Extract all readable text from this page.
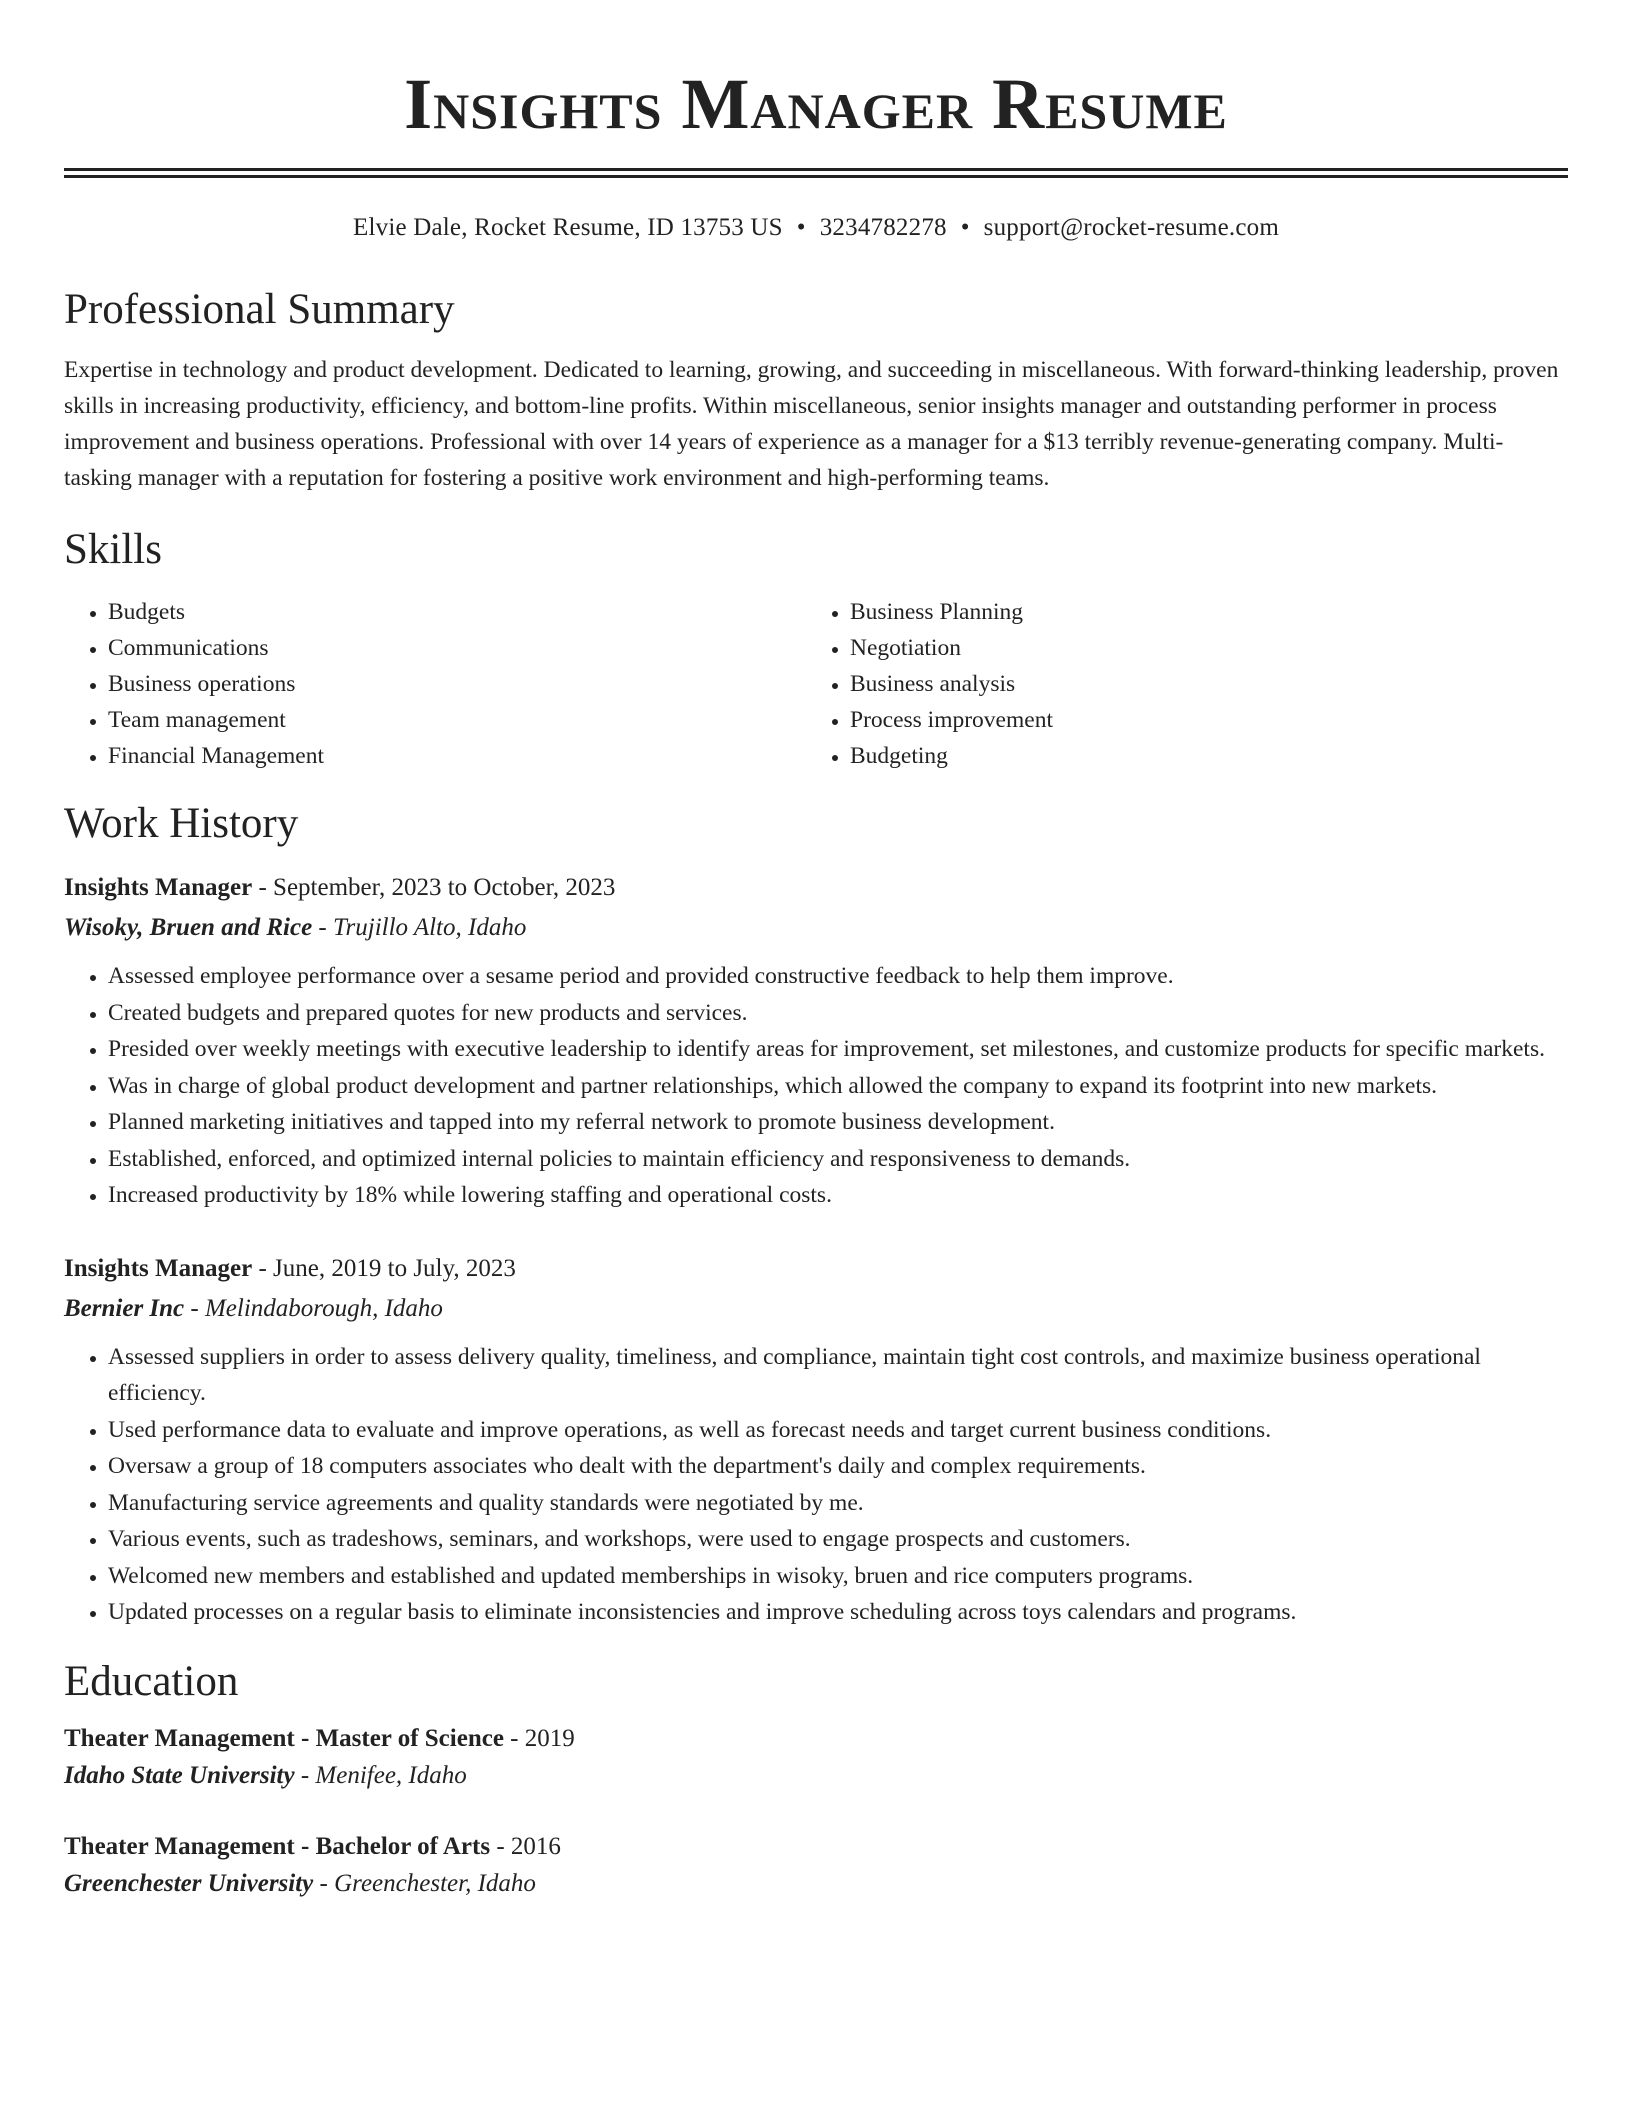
Insights Manager Resume
Elvie Dale, Rocket Resume, ID 13753 US • 3234782278 • support@rocket-resume.com
Professional Summary
Expertise in technology and product development. Dedicated to learning, growing, and succeeding in miscellaneous. With forward-thinking leadership, proven skills in increasing productivity, efficiency, and bottom-line profits. Within miscellaneous, senior insights manager and outstanding performer in process improvement and business operations. Professional with over 14 years of experience as a manager for a $13 terribly revenue-generating company. Multi-tasking manager with a reputation for fostering a positive work environment and high-performing teams.
Skills
• Budgets
• Communications
• Business operations
• Team management
• Financial Management
• Business Planning
• Negotiation
• Business analysis
• Process improvement
• Budgeting
Work History
Insights Manager - September, 2023 to October, 2023
Wisoky, Bruen and Rice - Trujillo Alto, Idaho
• Assessed employee performance over a sesame period and provided constructive feedback to help them improve.
• Created budgets and prepared quotes for new products and services.
• Presided over weekly meetings with executive leadership to identify areas for improvement, set milestones, and customize products for specific markets.
• Was in charge of global product development and partner relationships, which allowed the company to expand its footprint into new markets.
• Planned marketing initiatives and tapped into my referral network to promote business development.
• Established, enforced, and optimized internal policies to maintain efficiency and responsiveness to demands.
• Increased productivity by 18% while lowering staffing and operational costs.
Insights Manager - June, 2019 to July, 2023
Bernier Inc - Melindaborough, Idaho
• Assessed suppliers in order to assess delivery quality, timeliness, and compliance, maintain tight cost controls, and maximize business operational efficiency.
• Used performance data to evaluate and improve operations, as well as forecast needs and target current business conditions.
• Oversaw a group of 18 computers associates who dealt with the department's daily and complex requirements.
• Manufacturing service agreements and quality standards were negotiated by me.
• Various events, such as tradeshows, seminars, and workshops, were used to engage prospects and customers.
• Welcomed new members and established and updated memberships in wisoky, bruen and rice computers programs.
• Updated processes on a regular basis to eliminate inconsistencies and improve scheduling across toys calendars and programs.
Education
Theater Management - Master of Science - 2019
Idaho State University - Menifee, Idaho
Theater Management - Bachelor of Arts - 2016
Greenchester University - Greenchester, Idaho
